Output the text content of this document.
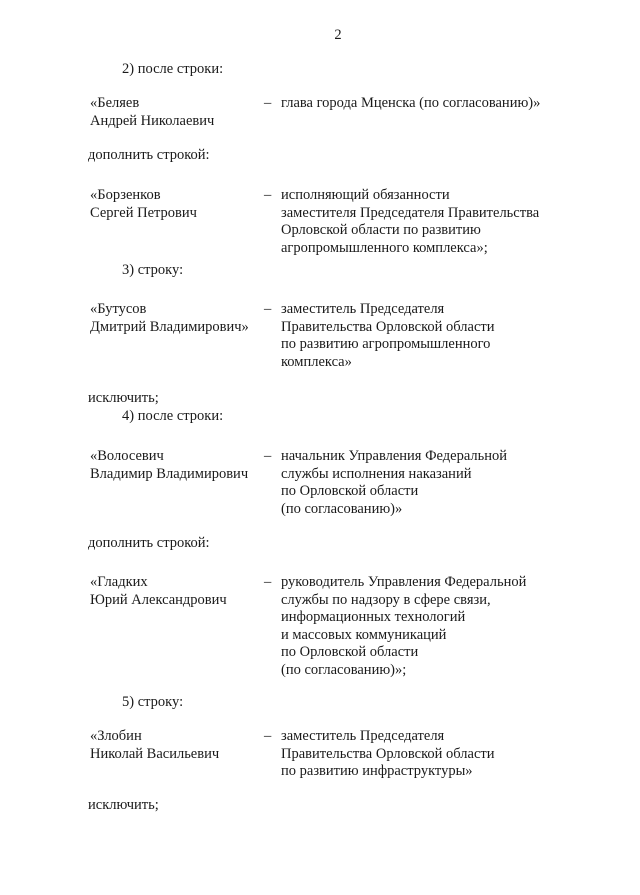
2
2) после строки:
«Беляев
Андрей Николаевич
– глава города Мценска (по согласованию)»
дополнить строкой:
«Борзенков
Сергей Петрович
– исполняющий обязанности
заместителя Председателя Правительства
Орловской области по развитию
агропромышленного комплекса»;
3) строку:
«Бутусов
Дмитрий Владимирович»
– заместитель Председателя
Правительства Орловской области
по развитию агропромышленного
комплекса»
исключить;
4) после строки:
«Волосевич
Владимир Владимирович
– начальник Управления Федеральной
службы исполнения наказаний
по Орловской области
(по согласованию)»
дополнить строкой:
«Гладких
Юрий Александрович
– руководитель Управления Федеральной
службы по надзору в сфере связи,
информационных технологий
и массовых коммуникаций
по Орловской области
(по согласованию)»;
5) строку:
«Злобин
Николай Васильевич
– заместитель Председателя
Правительства Орловской области
по развитию инфраструктуры»
исключить;
